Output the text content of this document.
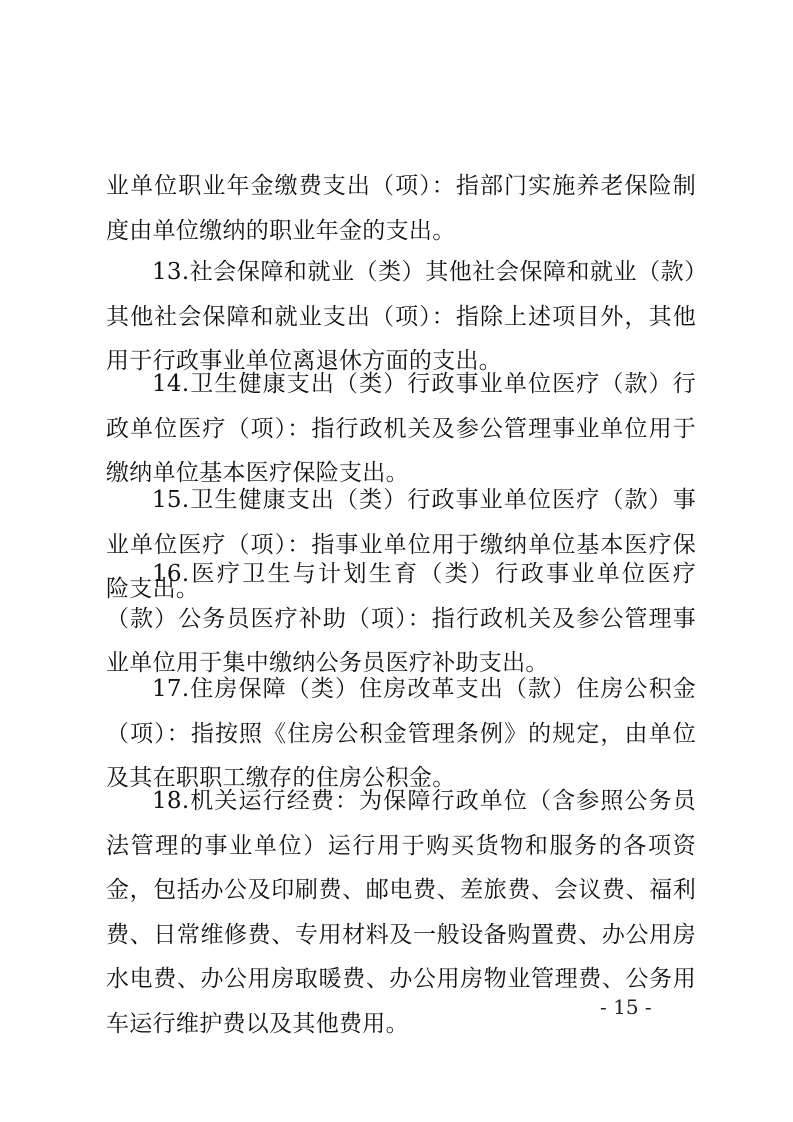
业单位职业年金缴费支出（项）：指部门实施养老保险制度由单位缴纳的职业年金的支出。

13.社会保障和就业（类）其他社会保障和就业（款）其他社会保障和就业支出（项）：指除上述项目外，其他用于行政事业单位离退休方面的支出。

14.卫生健康支出（类）行政事业单位医疗（款）行政单位医疗（项）：指行政机关及参公管理事业单位用于缴纳单位基本医疗保险支出。

15.卫生健康支出（类）行政事业单位医疗（款）事业单位医疗（项）：指事业单位用于缴纳单位基本医疗保险支出。

16.医疗卫生与计划生育（类）行政事业单位医疗（款）公务员医疗补助（项）：指行政机关及参公管理事业单位用于集中缴纳公务员医疗补助支出。

17.住房保障（类）住房改革支出（款）住房公积金（项）：指按照《住房公积金管理条例》的规定，由单位及其在职职工缴存的住房公积金。

18.机关运行经费：为保障行政单位（含参照公务员法管理的事业单位）运行用于购买货物和服务的各项资金，包括办公及印刷费、邮电费、差旅费、会议费、福利费、日常维修费、专用材料及一般设备购置费、办公用房水电费、办公用房取暖费、办公用房物业管理费、公务用车运行维护费以及其他费用。

- 15 -
